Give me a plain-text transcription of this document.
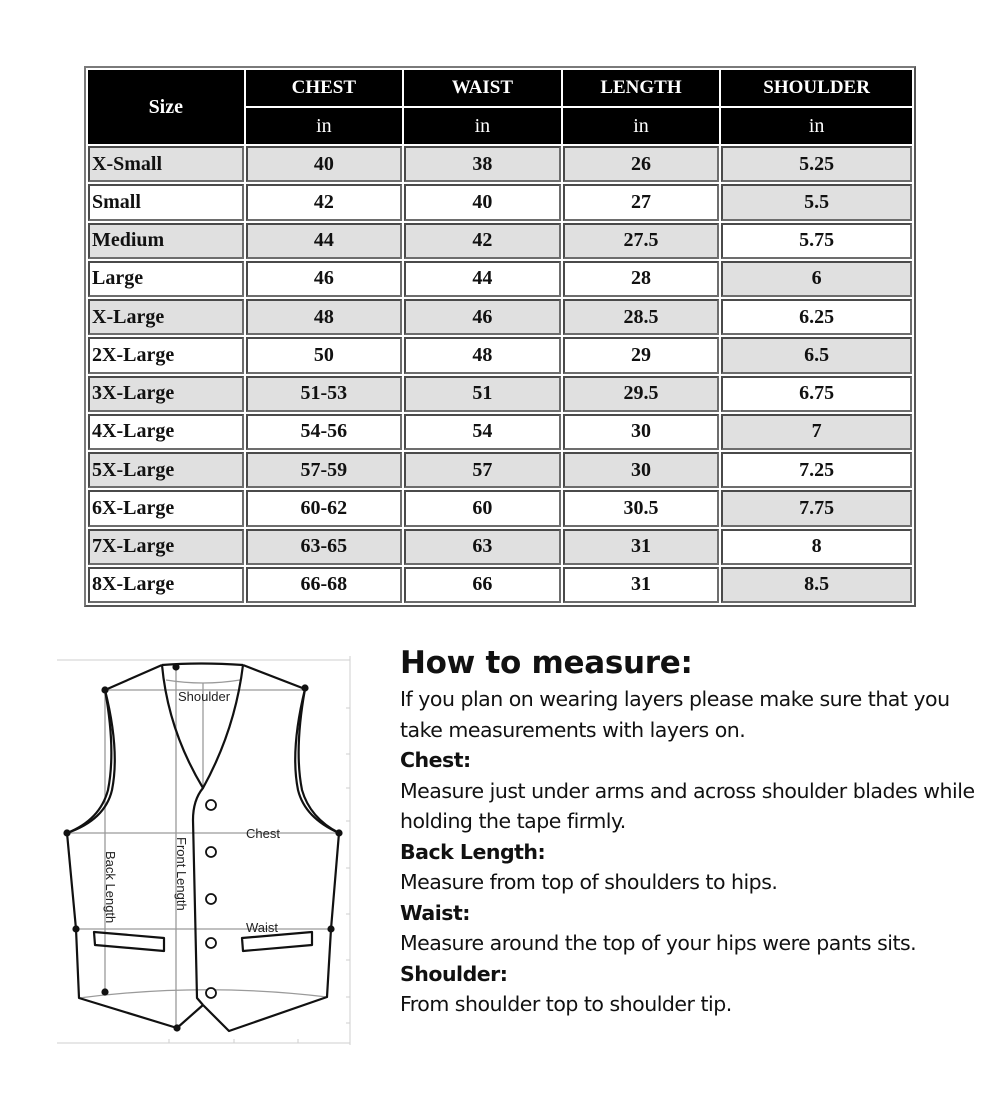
Size	CHEST	WAIST	LENGTH	SHOULDER
	in	in	in	in
X-Small	40	38	26	5.25
Small	42	40	27	5.5
Medium	44	42	27.5	5.75
Large	46	44	28	6
X-Large	48	46	28.5	6.25
2X-Large	50	48	29	6.5
3X-Large	51-53	51	29.5	6.75
4X-Large	54-56	54	30	7
5X-Large	57-59	57	30	7.25
6X-Large	60-62	60	30.5	7.75
7X-Large	63-65	63	31	8
8X-Large	66-68	66	31	8.5
Shoulder
Chest
Waist
Back Length	Front Length
How to measure:

If you plan on wearing layers please make sure that you take measurements with layers on.

Chest:

Measure just under arms and across shoulder blades while holding the tape firmly.

Back Length:

Measure from top of shoulders to hips.

Waist:

Measure around the top of your hips were pants sits.

Shoulder:

From shoulder top to shoulder tip.
